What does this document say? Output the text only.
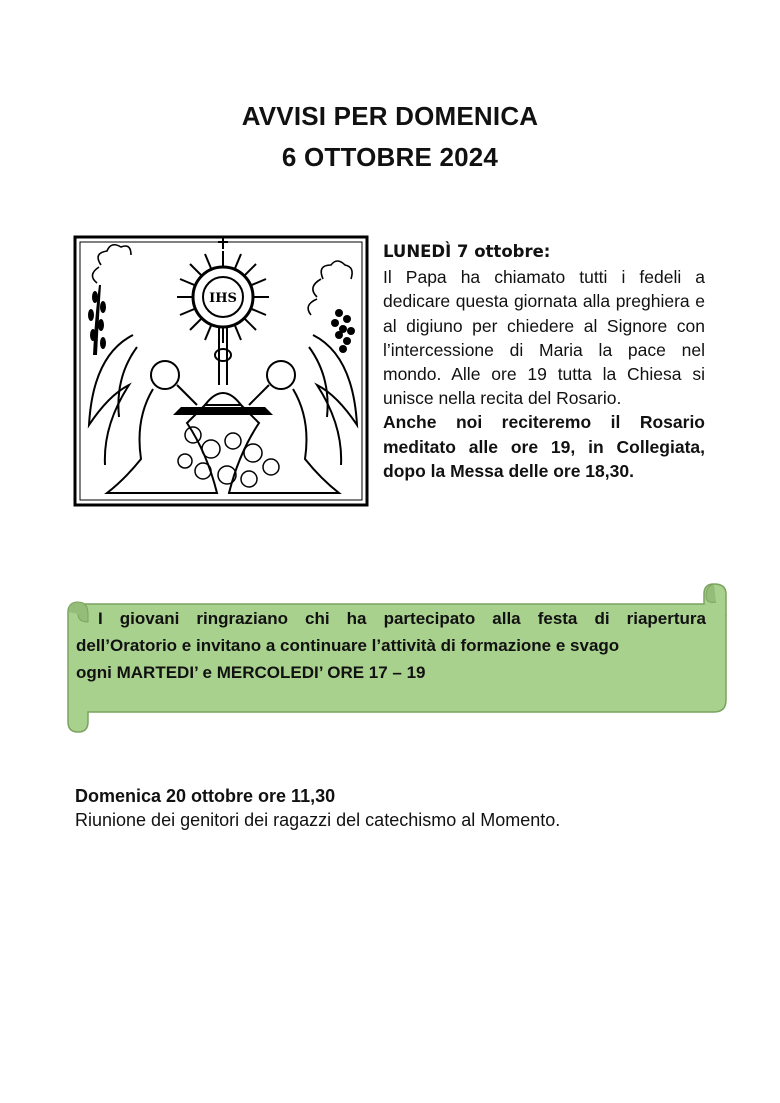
AVVISI PER DOMENICA
6 OTTOBRE 2024
IHS
LUNEDÌ 7 ottobre:
Il Papa ha chiamato tutti i fedeli a dedicare questa giornata alla preghiera e al digiuno per chiedere al Signore con l’intercessione di Maria la pace nel mondo. Alle ore 19 tutta la Chiesa si unisce nella recita del Rosario.
Anche noi reciteremo il Rosario meditato alle ore 19, in Collegiata, dopo la Messa delle ore 18,30.
I giovani ringraziano chi ha partecipato alla festa di riapertura
dell’Oratorio e invitano a continuare l’attività di formazione e svago
ogni MARTEDI’ e MERCOLEDI’ ORE 17 – 19
Domenica 20 ottobre ore 11,30
Riunione dei genitori dei ragazzi del catechismo al Momento.
